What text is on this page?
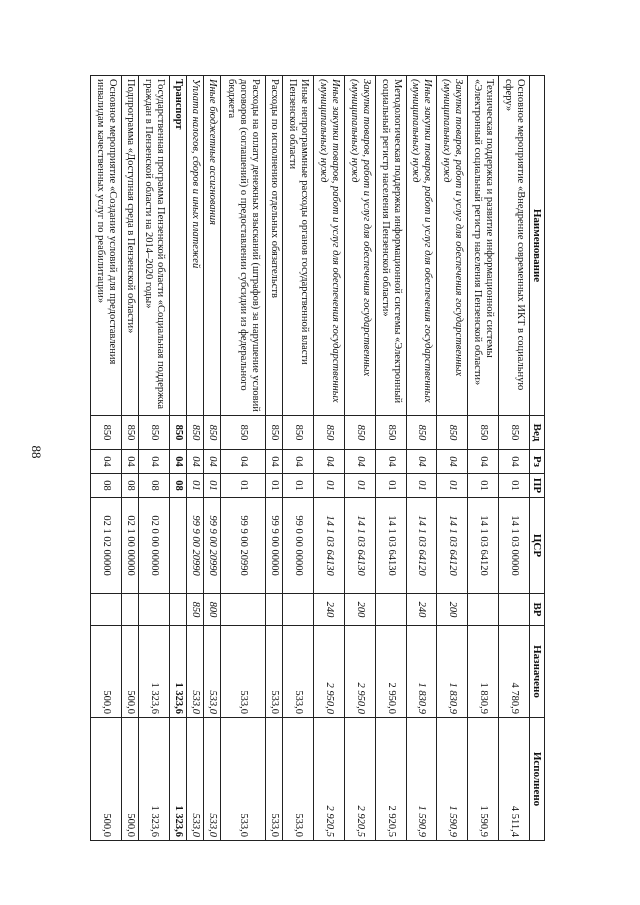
88
Наименование	Вед	Рз	ПР	ЦСР	ВР	Назначено	Исполнено
Основное мероприятие «Внедрение современных ИКТ в социальную сферу»	850	04	01	14 1 03 00000		4 780,9	4 511,4
Техническая поддержка и развитие информационной системы «Электронный социальный регистр населения Пензенской области»	850	04	01	14 1 03 64120		1 830,9	1 590,9
Закупка товаров, работ и услуг для обеспечения государственных (муниципальных) нужд	850	04	01	14 1 03 64120	200	1 830,9	1 590,9
Иные закупки товаров, работ и услуг для обеспечения государственных (муниципальных) нужд	850	04	01	14 1 03 64120	240	1 830,9	1 590,9
Методологическая поддержка информационной системы «Электронный социальный регистр населения Пензенской области»	850	04	01	14 1 03 64130		2 950,0	2 920,5
Закупка товаров, работ и услуг для обеспечения государственных (муниципальных) нужд	850	04	01	14 1 03 64130	200	2 950,0	2 920,5
Иные закупки товаров, работ и услуг для обеспечения государственных (муниципальных) нужд	850	04	01	14 1 03 64130	240	2 950,0	2 920,5
Иные непрограммные расходы органов государственной власти Пензенской области	850	04	01	99 0 00 00000		533,0	533,0
Расходы по исполнению отдельных обязательств	850	04	01	99 9 00 00000		533,0	533,0
Расходы на оплату денежных взысканий (штрафов) за нарушение условий договоров (соглашений) о предоставлении субсидии из федерального бюджета	850	04	01	99 9 00 20990		533,0	533,0
Иные бюджетные ассигнования	850	04	01	99 9 00 20990	800	533,0	533,0
Уплата налогов, сборов и иных платежей	850	04	01	99 9 00 20990	850	533,0	533,0
Транспорт	850	04	08			1 323,6	1 323,6
Государственная программа Пензенской области «Социальная поддержка граждан в Пензенской области на 2014–2020 годы»	850	04	08	02 0 00 00000		1 323,6	1 323,6
Подпрограмма «Доступная среда в Пензенской области»	850	04	08	02 1 00 00000		500,0	500,0
Основное мероприятие «Создание условий для предоставления инвалидам качественных услуг по реабилитации»	850	04	08	02 1 02 00000		500,0	500,0
